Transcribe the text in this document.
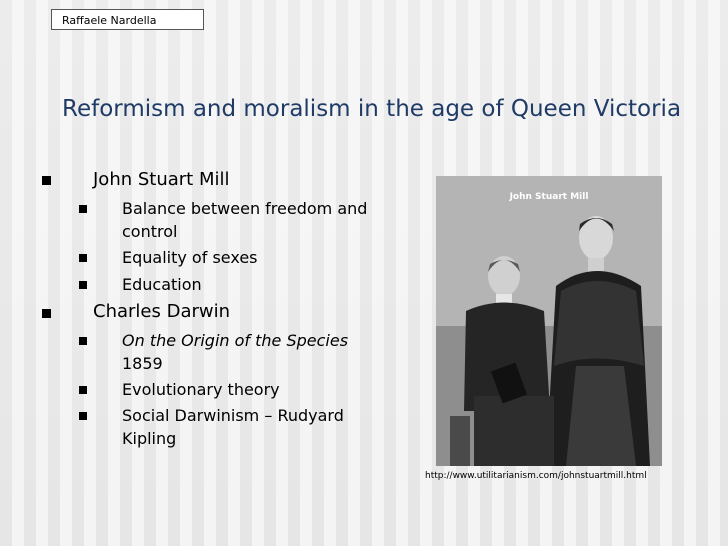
Raffaele Nardella
Reformism and moralism in the age of Queen Victoria
John Stuart Mill
Balance between freedom and
control
Equality of sexes
Education
Charles Darwin
On the Origin of the Species
1859
Evolutionary theory
Social Darwinism – Rudyard
Kipling
John Stuart Mill
http://www.utilitarianism.com/johnstuartmill.html
